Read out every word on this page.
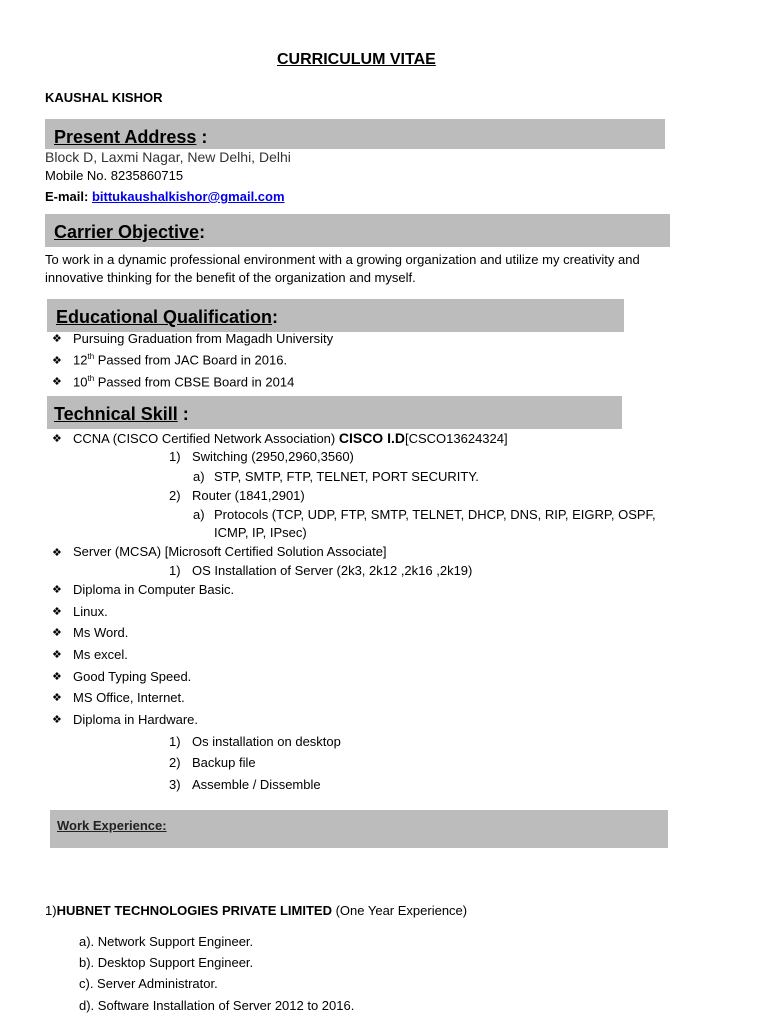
CURRICULUM VITAE
KAUSHAL KISHOR
Present Address :
Block D, Laxmi Nagar, New Delhi, Delhi
Mobile No. 8235860715
E-mail: bittukaushalkishor@gmail.com
Carrier Objective:
To work in a dynamic professional environment with a growing organization and utilize my creativity and innovative thinking for the benefit of the organization and myself.
Educational Qualification:
❖ Pursuing Graduation from Magadh University
❖ 12th Passed from JAC Board in 2016.
❖ 10th Passed from CBSE Board in 2014
Technical Skill :
❖ CCNA (CISCO Certified Network Association) CISCO I.D[CSCO13624324]
1) Switching (2950,2960,3560)
a) STP, SMTP, FTP, TELNET, PORT SECURITY.
2) Router (1841,2901)
a) Protocols (TCP, UDP, FTP, SMTP, TELNET, DHCP, DNS, RIP, EIGRP, OSPF,
ICMP, IP, IPsec)
❖ Server (MCSA) [Microsoft Certified Solution Associate]
1) OS Installation of Server (2k3, 2k12 ,2k16 ,2k19)
❖ Diploma in Computer Basic.
❖ Linux.
❖ Ms Word.
❖ Ms excel.
❖ Good Typing Speed.
❖ MS Office, Internet.
❖ Diploma in Hardware.
1) Os installation on desktop
2) Backup file
3) Assemble / Dissemble
Work Experience:
1)HUBNET TECHNOLOGIES PRIVATE LIMITED (One Year Experience)
a). Network Support Engineer.
b). Desktop Support Engineer.
c). Server Administrator.
d). Software Installation of Server 2012 to 2016.
